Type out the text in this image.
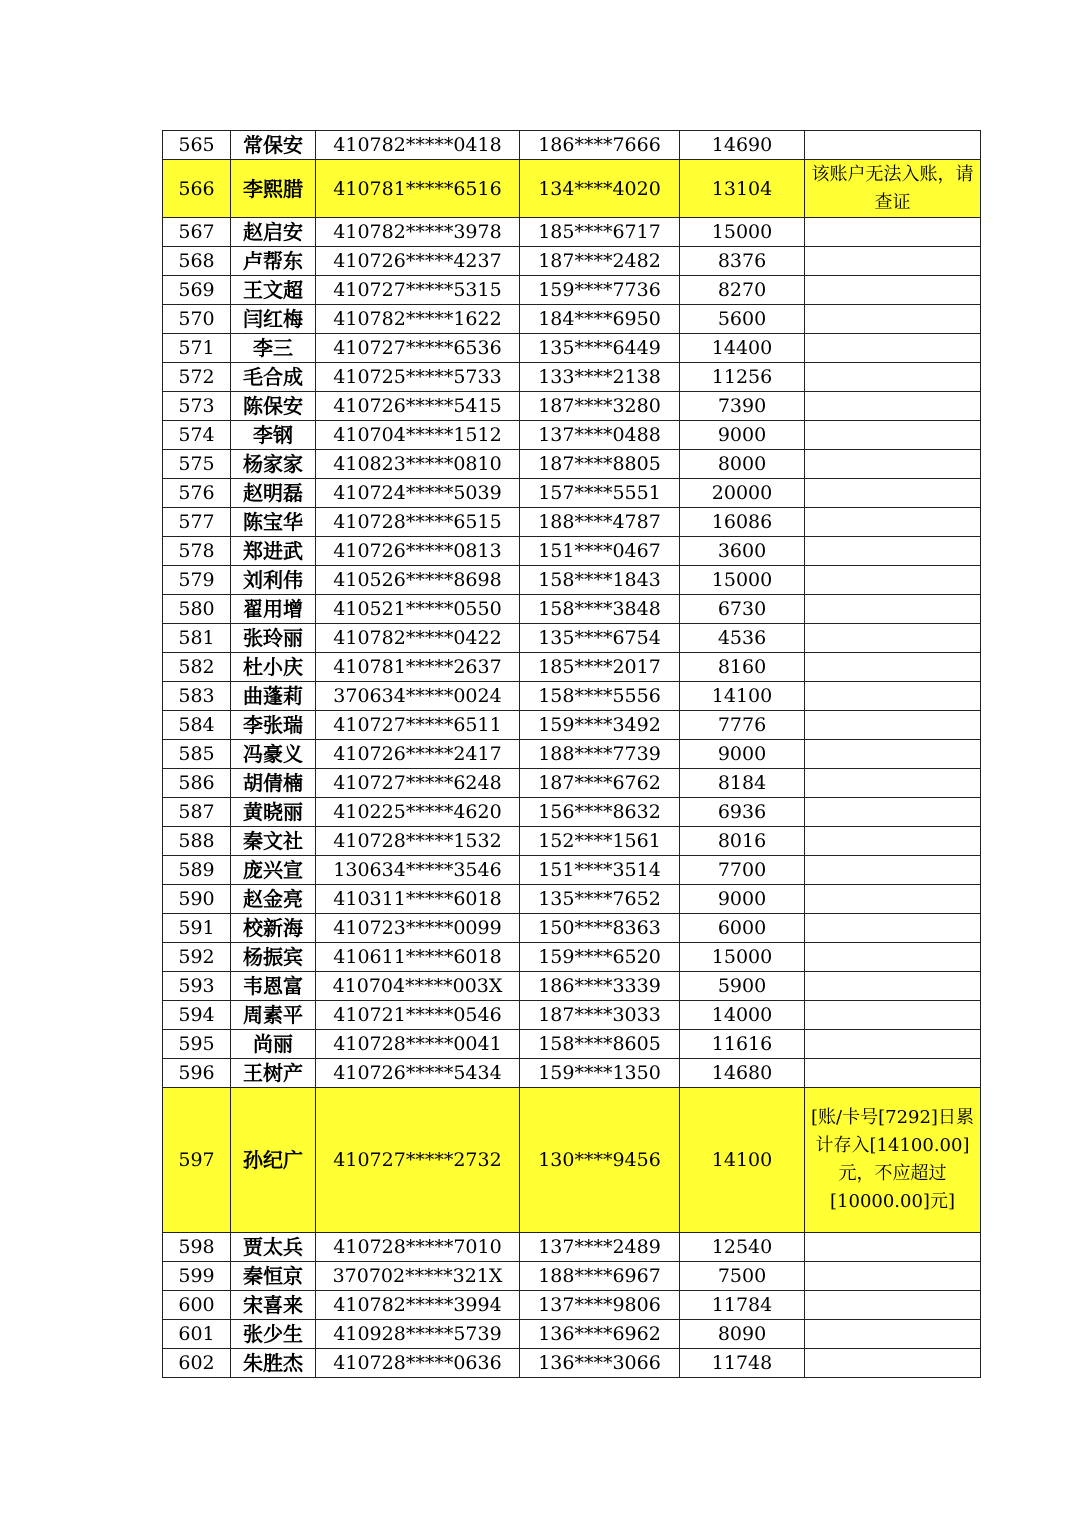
565	常保安	410782*****0418	186****7666	14690	
566	李熙腊	410781*****6516	134****4020	13104	该账户无法入账，请查证
567	赵启安	410782*****3978	185****6717	15000	
568	卢帮东	410726*****4237	187****2482	8376	
569	王文超	410727*****5315	159****7736	8270	
570	闫红梅	410782*****1622	184****6950	5600	
571	李三	410727*****6536	135****6449	14400	
572	毛合成	410725*****5733	133****2138	11256	
573	陈保安	410726*****5415	187****3280	7390	
574	李钢	410704*****1512	137****0488	9000	
575	杨家家	410823*****0810	187****8805	8000	
576	赵明磊	410724*****5039	157****5551	20000	
577	陈宝华	410728*****6515	188****4787	16086	
578	郑进武	410726*****0813	151****0467	3600	
579	刘利伟	410526*****8698	158****1843	15000	
580	翟用增	410521*****0550	158****3848	6730	
581	张玲丽	410782*****0422	135****6754	4536	
582	杜小庆	410781*****2637	185****2017	8160	
583	曲蓬莉	370634*****0024	158****5556	14100	
584	李张瑞	410727*****6511	159****3492	7776	
585	冯豪义	410726*****2417	188****7739	9000	
586	胡倩楠	410727*****6248	187****6762	8184	
587	黄晓丽	410225*****4620	156****8632	6936	
588	秦文社	410728*****1532	152****1561	8016	
589	庞兴宣	130634*****3546	151****3514	7700	
590	赵金亮	410311*****6018	135****7652	9000	
591	校新海	410723*****0099	150****8363	6000	
592	杨振宾	410611*****6018	159****6520	15000	
593	韦恩富	410704*****003X	186****3339	5900	
594	周素平	410721*****0546	187****3033	14000	
595	尚丽	410728*****0041	158****8605	11616	
596	王树产	410726*****5434	159****1350	14680	
597	孙纪广	410727*****2732	130****9456	14100	[账/卡号[7292]日累计存入[14100.00]元，不应超过[10000.00]元]
598	贾太兵	410728*****7010	137****2489	12540	
599	秦恒京	370702*****321X	188****6967	7500	
600	宋喜来	410782*****3994	137****9806	11784	
601	张少生	410928*****5739	136****6962	8090	
602	朱胜杰	410728*****0636	136****3066	11748	
